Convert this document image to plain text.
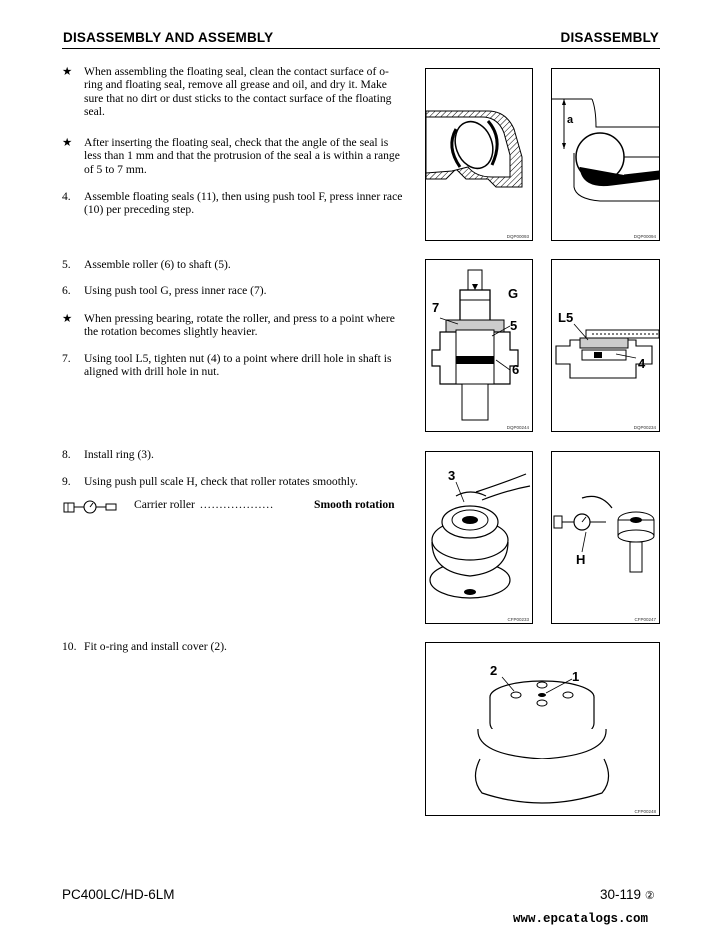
DISASSEMBLY AND ASSEMBLY	DISASSEMBLY
★ When assembling the floating seal, clean the contact surface of o-ring and floating seal, remove all grease and oil, and dry it. Make sure that no dirt or dust sticks to the contact surface of the floating seal.
★ After inserting the floating seal, check that the angle of the seal is less than 1 mm and that the protrusion of the seal a is within a range of 5 to 7 mm.
4.	Assemble floating seals (11), then using push tool F, press inner race (10) per preceding step.
5.	Assemble roller (6) to shaft (5).
6.	Using push tool G, press inner race (7).
★ When pressing bearing, rotate the roller, and press to a point where the rotation becomes slightly heavier.
7.	Using tool L5, tighten nut (4) to a point where drill hole in shaft is aligned with drill hole in nut.
8.	Install ring (3).
9.	Using push pull scale H, check that roller rotates smoothly.
Carrier roller ...................	Smooth rotation
10. Fit o-ring and install cover (2).
DQP00093
a
DQP00094
G
7
5
6
DQP00244
L5
4
DQP00234
3
CFP00233
H
CFP00247
2	1
CFP00248
PC400LC/HD-6LM	30-119 ②
www.epcatalogs.com
